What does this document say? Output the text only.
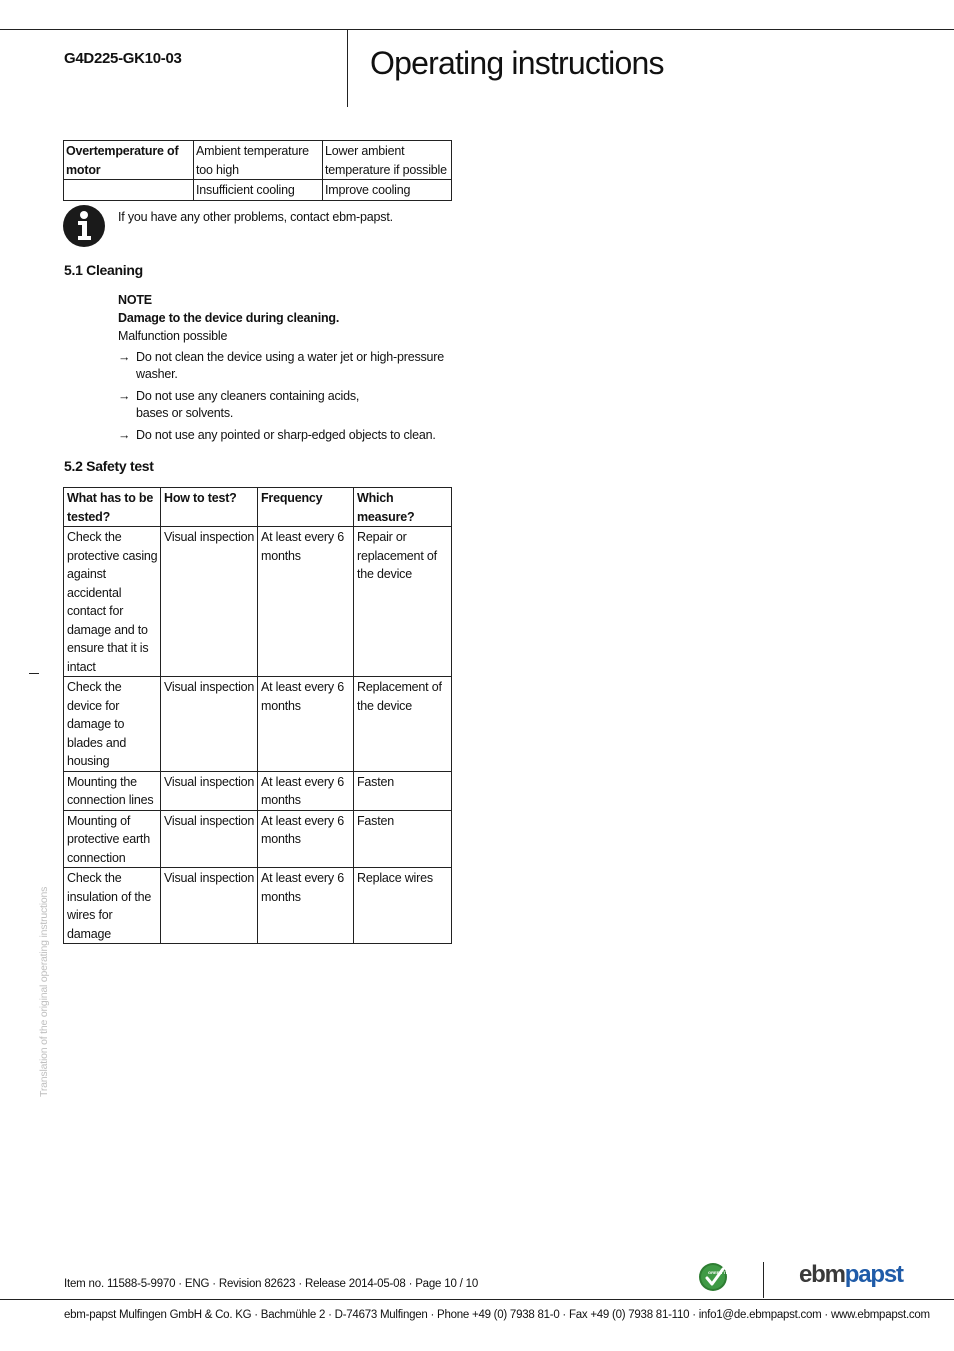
G4D225-GK10-03	Operating instructions
Overtemperature of motor	Ambient temperature too high	Lower ambient temperature if possible
	Insufficient cooling	Improve cooling
If you have any other problems, contact ebm-papst.
5.1 Cleaning
NOTE
Damage to the device during cleaning.
Malfunction possible
→ Do not clean the device using a water jet or high-pressure
washer.
→ Do not use any cleaners containing acids,
bases or solvents.
→ Do not use any pointed or sharp-edged objects to clean.
5.2 Safety test
What has to be tested?	How to test?	Frequency	Which measure?
Check the protective casing against accidental contact for damage and to ensure that it is intact	Visual inspection	At least every 6 months	Repair or replacement of the device
Check the device for damage to blades and housing	Visual inspection	At least every 6 months	Replacement of the device
Mounting the connection lines	Visual inspection	At least every 6 months	Fasten
Mounting of protective earth connection	Visual inspection	At least every 6 months	Fasten
Check the insulation of the wires for damage	Visual inspection	At least every 6 months	Replace wires
Translation of the original operating instructions
Item no. 11588-5-9970 · ENG · Revision 82623 · Release 2014-05-08 · Page 10 / 10
GREEN TECH	ebmpapst
ebm-papst Mulfingen GmbH & Co. KG · Bachmühle 2 · D-74673 Mulfingen · Phone +49 (0) 7938 81-0 · Fax +49 (0) 7938 81-110 · info1@de.ebmpapst.com · www.ebmpapst.com
